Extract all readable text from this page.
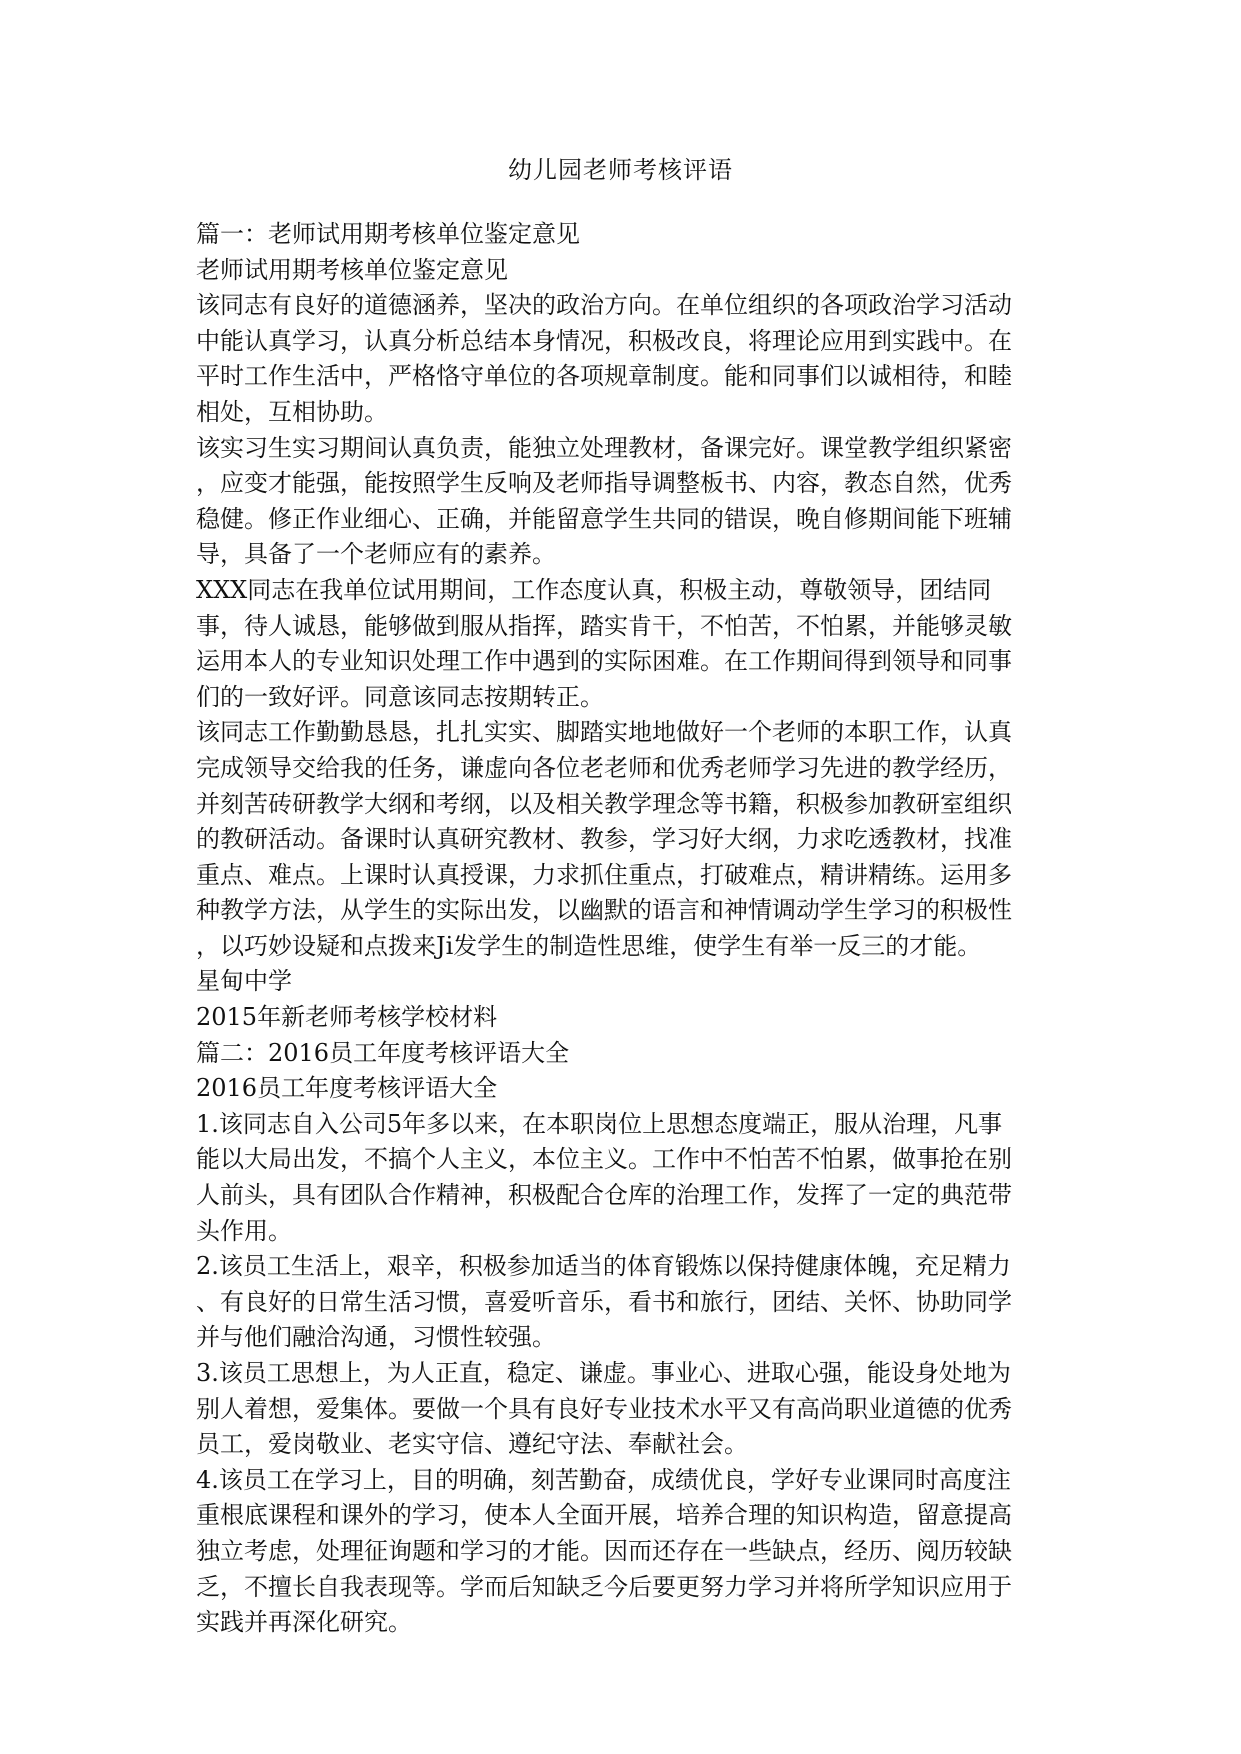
幼儿园老师考核评语
篇一：老师试用期考核单位鉴定意见
老师试用期考核单位鉴定意见
该同志有良好的道德涵养，坚决的政治方向。在单位组织的各项政治学习活动
中能认真学习，认真分析总结本身情况，积极改良，将理论应用到实践中。在
平时工作生活中，严格恪守单位的各项规章制度。能和同事们以诚相待，和睦
相处，互相协助。
该实习生实习期间认真负责，能独立处理教材，备课完好。课堂教学组织紧密
，应变才能强，能按照学生反响及老师指导调整板书、内容，教态自然，优秀
稳健。修正作业细心、正确，并能留意学生共同的错误，晚自修期间能下班辅
导，具备了一个老师应有的素养。
XXX同志在我单位试用期间，工作态度认真，积极主动，尊敬领导，团结同
事，待人诚恳，能够做到服从指挥，踏实肯干，不怕苦，不怕累，并能够灵敏
运用本人的专业知识处理工作中遇到的实际困难。在工作期间得到领导和同事
们的一致好评。同意该同志按期转正。
该同志工作勤勤恳恳，扎扎实实、脚踏实地地做好一个老师的本职工作，认真
完成领导交给我的任务，谦虚向各位老老师和优秀老师学习先进的教学经历，
并刻苦砖研教学大纲和考纲，以及相关教学理念等书籍，积极参加教研室组织
的教研活动。备课时认真研究教材、教参，学习好大纲，力求吃透教材，找准
重点、难点。上课时认真授课，力求抓住重点，打破难点，精讲精练。运用多
种教学方法，从学生的实际出发，以幽默的语言和神情调动学生学习的积极性
，以巧妙设疑和点拨来Ji发学生的制造性思维，使学生有举一反三的才能。
星甸中学
2015年新老师考核学校材料
篇二：2016员工年度考核评语大全
2016员工年度考核评语大全
1.该同志自入公司5年多以来，在本职岗位上思想态度端正，服从治理，凡事
能以大局出发，不搞个人主义，本位主义。工作中不怕苦不怕累，做事抢在别
人前头，具有团队合作精神，积极配合仓库的治理工作，发挥了一定的典范带
头作用。
2.该员工生活上，艰辛，积极参加适当的体育锻炼以保持健康体魄，充足精力
、有良好的日常生活习惯，喜爱听音乐，看书和旅行，团结、关怀、协助同学
并与他们融洽沟通，习惯性较强。
3.该员工思想上，为人正直，稳定、谦虚。事业心、进取心强，能设身处地为
别人着想，爱集体。要做一个具有良好专业技术水平又有高尚职业道德的优秀
员工，爱岗敬业、老实守信、遵纪守法、奉献社会。
4.该员工在学习上，目的明确，刻苦勤奋，成绩优良，学好专业课同时高度注
重根底课程和课外的学习，使本人全面开展，培养合理的知识构造，留意提高
独立考虑，处理征询题和学习的才能。因而还存在一些缺点，经历、阅历较缺
乏，不擅长自我表现等。学而后知缺乏今后要更努力学习并将所学知识应用于
实践并再深化研究。
